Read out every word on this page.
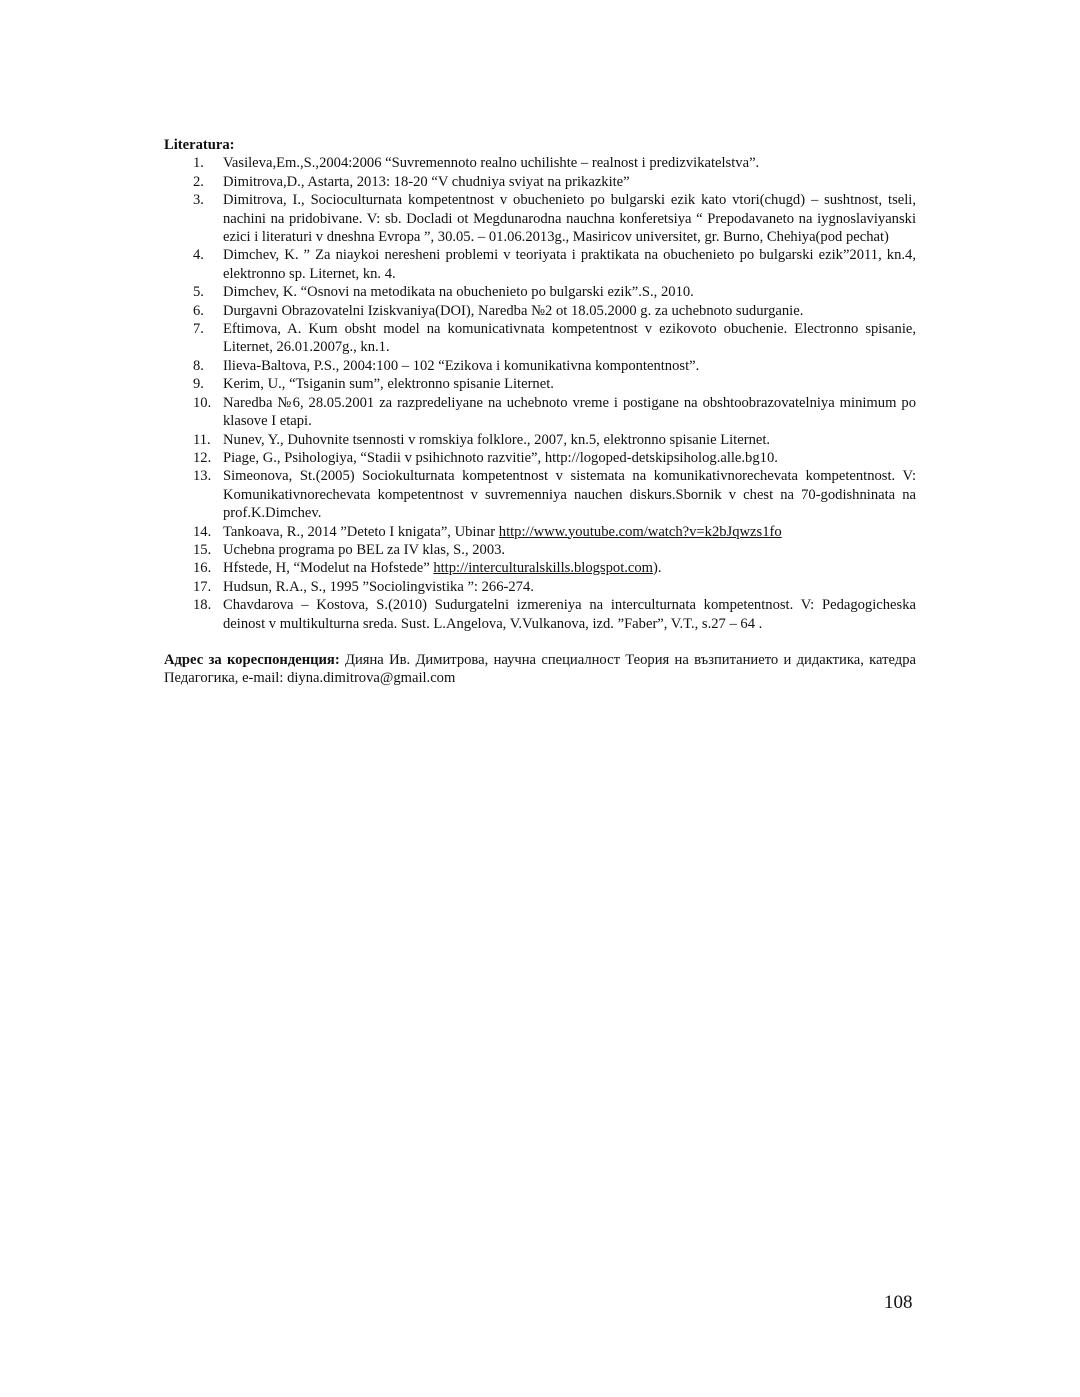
Literatura:

1. Vasileva,Em.,S.,2004:2006 “Suvremennoto realno uchilishte – realnost i predizvikatelstva”.
2. Dimitrova,D., Astarta, 2013: 18-20 “V chudniya sviyat na prikazkite”
3. Dimitrova, I., Socioculturnata kompetentnost v obuchenieto po bulgarski ezik kato vtori(chugd) – sushtnost, tseli, nachini na pridobivane. V: sb. Docladi ot Megdunarodna nauchna konferetsiya “ Prepodavaneto na iygnoslaviyanski ezici i literaturi v dneshna Evropa ”, 30.05. – 01.06.2013g., Masiricov universitet, gr. Burno, Chehiya(pod pechat)
4. Dimchev, K. ” Za niaykoi neresheni problemi v teoriyata i praktikata na obuchenieto po bulgarski ezik”2011, kn.4, elektronno sp. Liternet, kn. 4.
5. Dimchev, K. “Osnovi na metodikata na obuchenieto po bulgarski ezik”.S., 2010.
6. Durgavni Obrazovatelni Iziskvaniya(DOI), Naredba №2 ot 18.05.2000 g. za uchebnoto sudurganie.
7. Eftimova, A. Kum obsht model na komunicativnata kompetentnost v ezikovoto obuchenie. Electronno spisanie, Liternet, 26.01.2007g., kn.1.
8. Ilieva-Baltova, P.S., 2004:100 – 102 “Ezikova i komunikativna kompontentnost”.
9. Kerim, U., “Tsiganin sum”, elektronno spisanie Liternet.
10. Naredba №6, 28.05.2001 za razpredeliyane na uchebnoto vreme i postigane na obshtoobrazovatelniya minimum po klasove I etapi.
11. Nunev, Y., Duhovnite tsennosti v romskiya folklore., 2007, kn.5, elektronno spisanie Liternet.
12. Piage, G., Psihologiya, “Stadii v psihichnoto razvitie”, http://logoped-detskipsiholog.alle.bg10.
13. Simeonova, St.(2005) Sociokulturnata kompetentnost v sistemata na komunikativnorechevata kompetentnost. V: Komunikativnorechevata kompetentnost v suvremenniya nauchen diskurs.Sbornik v chest na 70-godishninata na prof.K.Dimchev.
14. Tankoava, R., 2014 ”Deteto I knigata”, Ubinar http://www.youtube.com/watch?v=k2bJqwzs1fo
15. Uchebna programa po BEL za IV klas, S., 2003.
16. Hfstede, H, “Modelut na Hofstede” http://interculturalskills.blogspot.com).
17. Hudsun, R.A., S., 1995 ”Sociolingvistika ”: 266-274.
18. Chavdarova – Kostova, S.(2010) Sudurgatelni izmereniya na interculturnata kompetentnost. V: Pedagogicheska deinost v multikulturna sreda. Sust. L.Angelova, V.Vulkanova, izd. ”Faber”, V.T., s.27 – 64 .

Адрес за кореспонденция: Дияна Ив. Димитрова, научна специалност Теория на възпитанието и дидактика, катедра Педагогика, e-mail: diyna.dimitrova@gmail.com

108
